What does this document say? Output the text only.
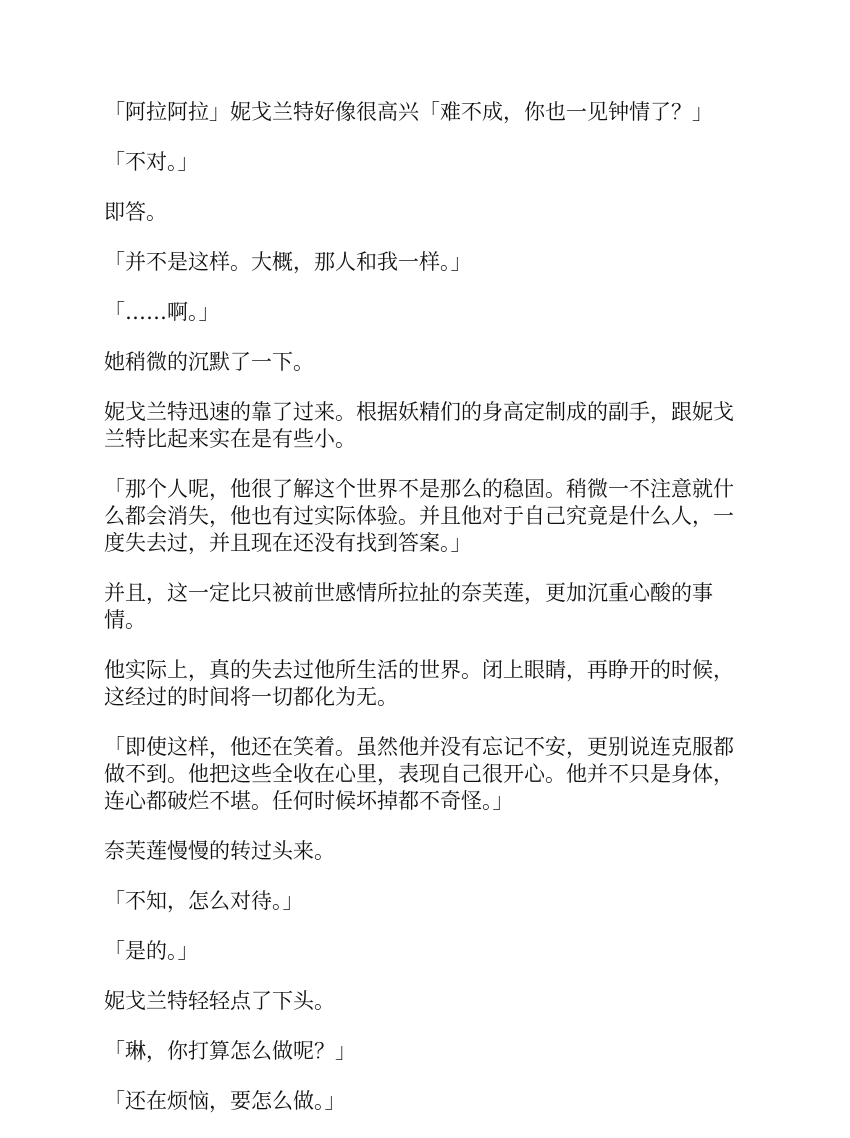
「阿拉阿拉」妮戈兰特好像很高兴「难不成，你也一见钟情了？」

「不对。」

即答。

「并不是这样。大概，那人和我一样。」

「……啊。」

她稍微的沉默了一下。

妮戈兰特迅速的靠了过来。根据妖精们的身高定制成的副手，跟妮戈兰特比起来实在是有些小。

「那个人呢，他很了解这个世界不是那么的稳固。稍微一不注意就什么都会消失，他也有过实际体验。并且他对于自己究竟是什么人，一度失去过，并且现在还没有找到答案。」

并且，这一定比只被前世感情所拉扯的奈芙莲，更加沉重心酸的事情。

他实际上，真的失去过他所生活的世界。闭上眼睛，再睁开的时候，这经过的时间将一切都化为无。

「即使这样，他还在笑着。虽然他并没有忘记不安，更别说连克服都做不到。他把这些全收在心里，表现自己很开心。他并不只是身体，连心都破烂不堪。任何时候坏掉都不奇怪。」

奈芙莲慢慢的转过头来。

「不知，怎么对待。」

「是的。」

妮戈兰特轻轻点了下头。

「琳，你打算怎么做呢？」

「还在烦恼，要怎么做。」
